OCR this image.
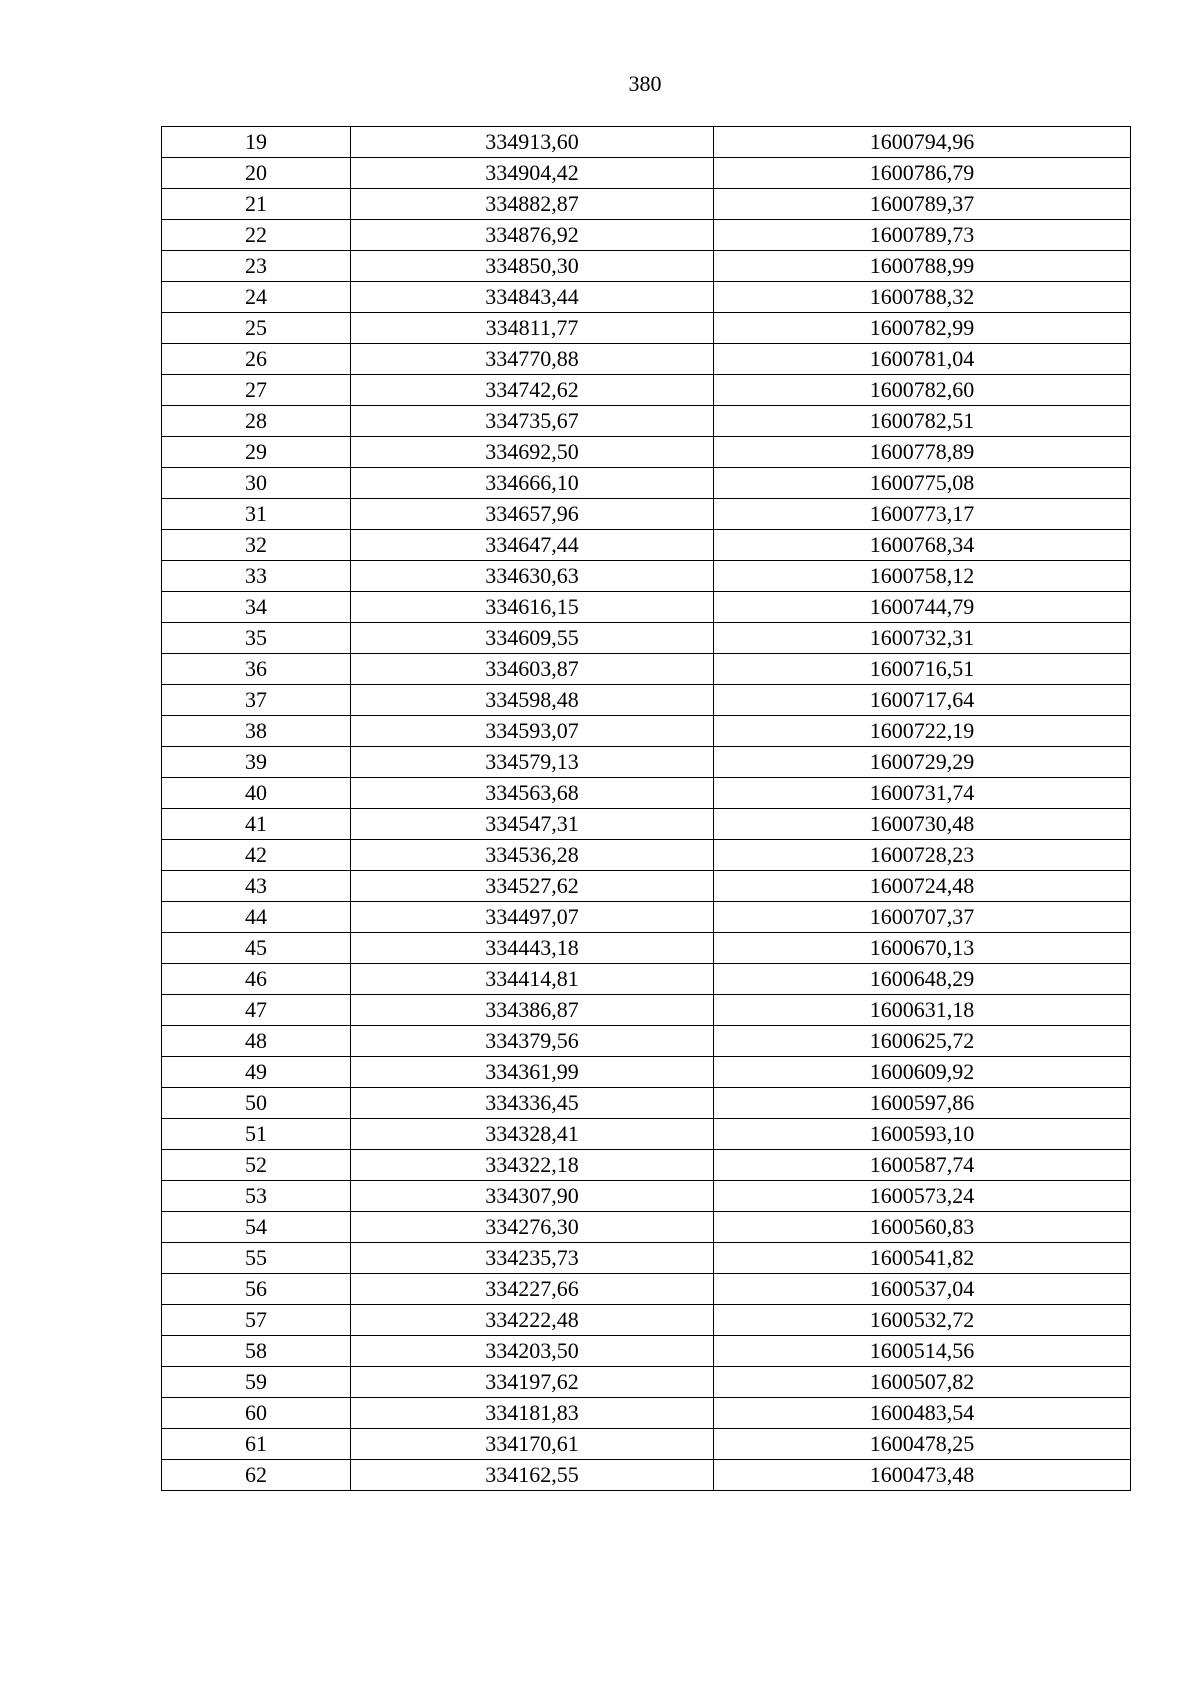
380
19	334913,60	1600794,96
20	334904,42	1600786,79
21	334882,87	1600789,37
22	334876,92	1600789,73
23	334850,30	1600788,99
24	334843,44	1600788,32
25	334811,77	1600782,99
26	334770,88	1600781,04
27	334742,62	1600782,60
28	334735,67	1600782,51
29	334692,50	1600778,89
30	334666,10	1600775,08
31	334657,96	1600773,17
32	334647,44	1600768,34
33	334630,63	1600758,12
34	334616,15	1600744,79
35	334609,55	1600732,31
36	334603,87	1600716,51
37	334598,48	1600717,64
38	334593,07	1600722,19
39	334579,13	1600729,29
40	334563,68	1600731,74
41	334547,31	1600730,48
42	334536,28	1600728,23
43	334527,62	1600724,48
44	334497,07	1600707,37
45	334443,18	1600670,13
46	334414,81	1600648,29
47	334386,87	1600631,18
48	334379,56	1600625,72
49	334361,99	1600609,92
50	334336,45	1600597,86
51	334328,41	1600593,10
52	334322,18	1600587,74
53	334307,90	1600573,24
54	334276,30	1600560,83
55	334235,73	1600541,82
56	334227,66	1600537,04
57	334222,48	1600532,72
58	334203,50	1600514,56
59	334197,62	1600507,82
60	334181,83	1600483,54
61	334170,61	1600478,25
62	334162,55	1600473,48
